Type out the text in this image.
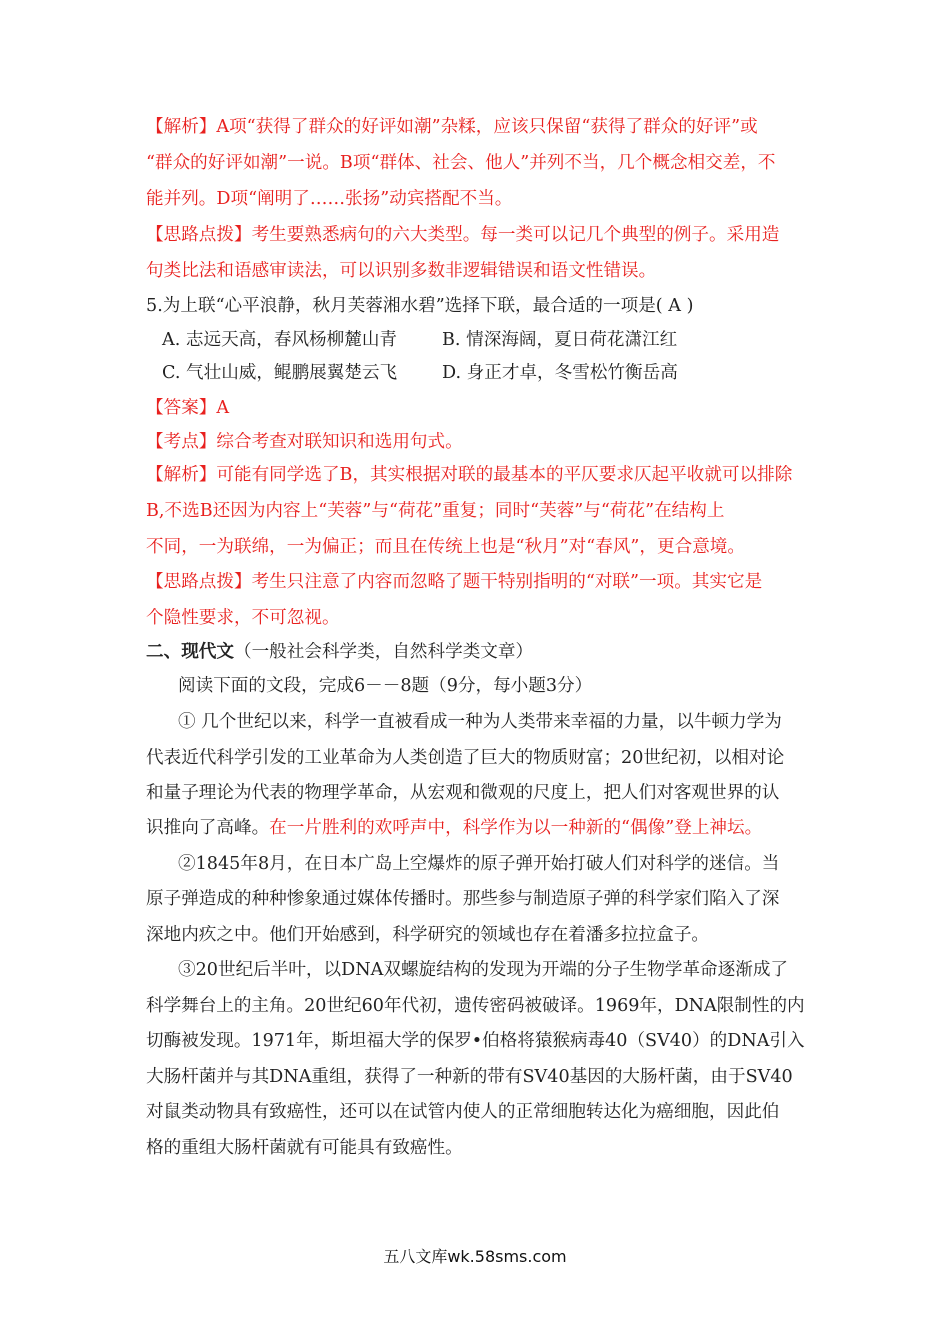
【解析】A项“获得了群众的好评如潮”杂糅，应该只保留“获得了群众的好评”或
“群众的好评如潮”一说。B项“群体、社会、他人”并列不当，几个概念相交差，不
能并列。D项“阐明了……张扬”动宾搭配不当。
【思路点拨】考生要熟悉病句的六大类型。每一类可以记几个典型的例子。采用造
句类比法和语感审读法，可以识别多数非逻辑错误和语文性错误。
5.为上联“心平浪静，秋月芙蓉湘水碧”选择下联，最合适的一项是( A )
A. 志远天高，春风杨柳麓山青	B. 情深海阔，夏日荷花潇江红
C. 气壮山威，鲲鹏展翼楚云飞	D. 身正才卓，冬雪松竹衡岳高
【答案】A
【考点】综合考查对联知识和选用句式。
【解析】可能有同学选了B，其实根据对联的最基本的平仄要求仄起平收就可以排除
B,不选B还因为内容上“芙蓉”与“荷花”重复；同时“芙蓉”与“荷花”在结构上
不同，一为联绵，一为偏正；而且在传统上也是“秋月”对“春风”，更合意境。
【思路点拨】考生只注意了内容而忽略了题干特别指明的“对联”一项。其实它是
个隐性要求，不可忽视。
二、现代文（一般社会科学类，自然科学类文章）
阅读下面的文段，完成6－－8题（9分，每小题3分）
① 几个世纪以来，科学一直被看成一种为人类带来幸福的力量，以牛顿力学为
代表近代科学引发的工业革命为人类创造了巨大的物质财富；20世纪初，以相对论
和量子理论为代表的物理学革命，从宏观和微观的尺度上，把人们对客观世界的认
识推向了高峰。在一片胜利的欢呼声中，科学作为以一种新的“偶像”登上神坛。
②1845年8月，在日本广岛上空爆炸的原子弹开始打破人们对科学的迷信。当
原子弹造成的种种惨象通过媒体传播时。那些参与制造原子弹的科学家们陷入了深
深地内疚之中。他们开始感到，科学研究的领域也存在着潘多拉拉盒子。
③20世纪后半叶，以DNA双螺旋结构的发现为开端的分子生物学革命逐渐成了
科学舞台上的主角。20世纪60年代初，遗传密码被破译。1969年，DNA限制性的内
切酶被发现。1971年，斯坦福大学的保罗•伯格将猿猴病毒40（SV40）的DNA引入
大肠杆菌并与其DNA重组，获得了一种新的带有SV40基因的大肠杆菌，由于SV40
对鼠类动物具有致癌性，还可以在试管内使人的正常细胞转达化为癌细胞，因此伯
格的重组大肠杆菌就有可能具有致癌性。
五八文库wk.58sms.com
